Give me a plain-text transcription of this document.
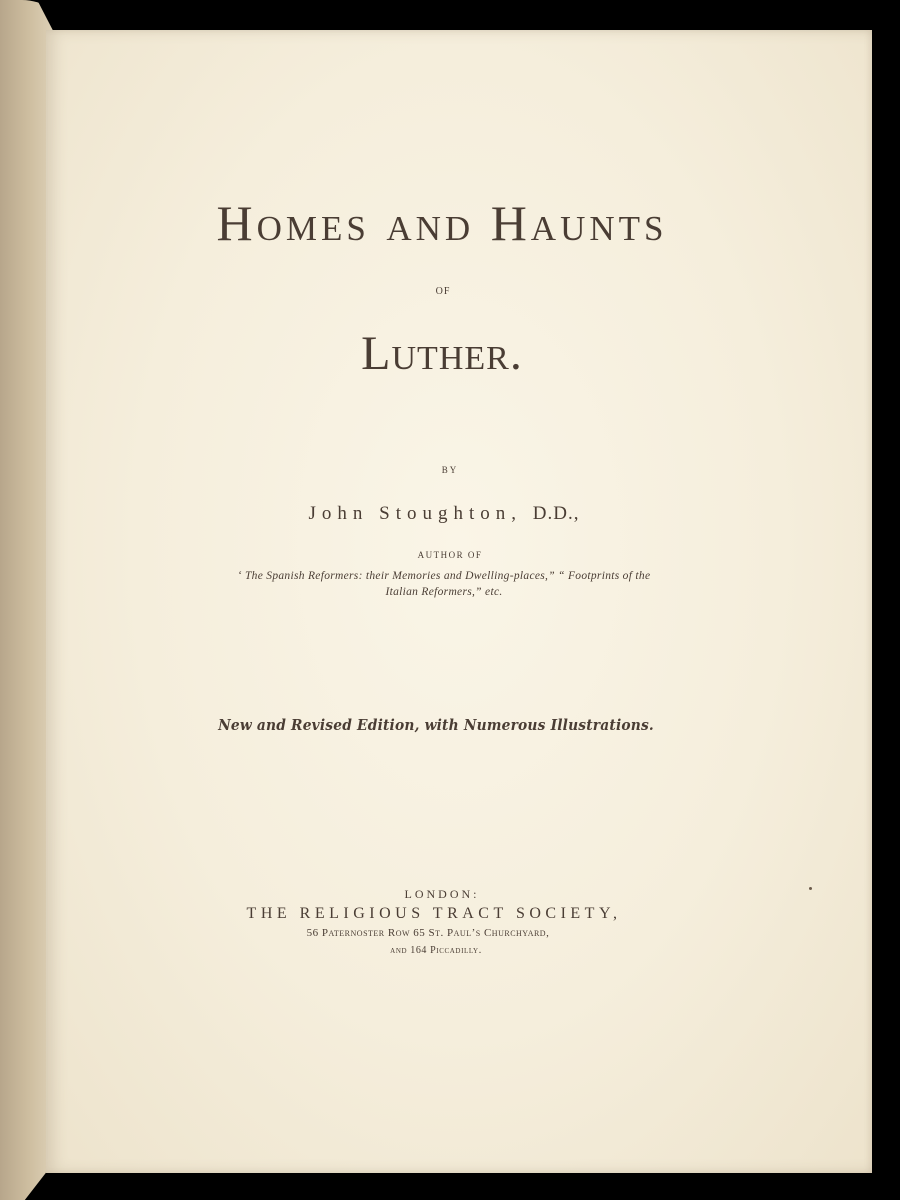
Homes and Haunts
OF
Luther.
BY
John Stoughton, D.D.,
AUTHOR OF
‘ The Spanish Reformers: their Memories and Dwelling-places,” “ Footprints of the
Italian Reformers,” etc.
New and Revised Edition, with Numerous Illustrations.
LONDON:
THE RELIGIOUS TRACT SOCIETY,
56 Paternoster Row 65 St. Paul’s Churchyard,
and 164 Piccadilly.
